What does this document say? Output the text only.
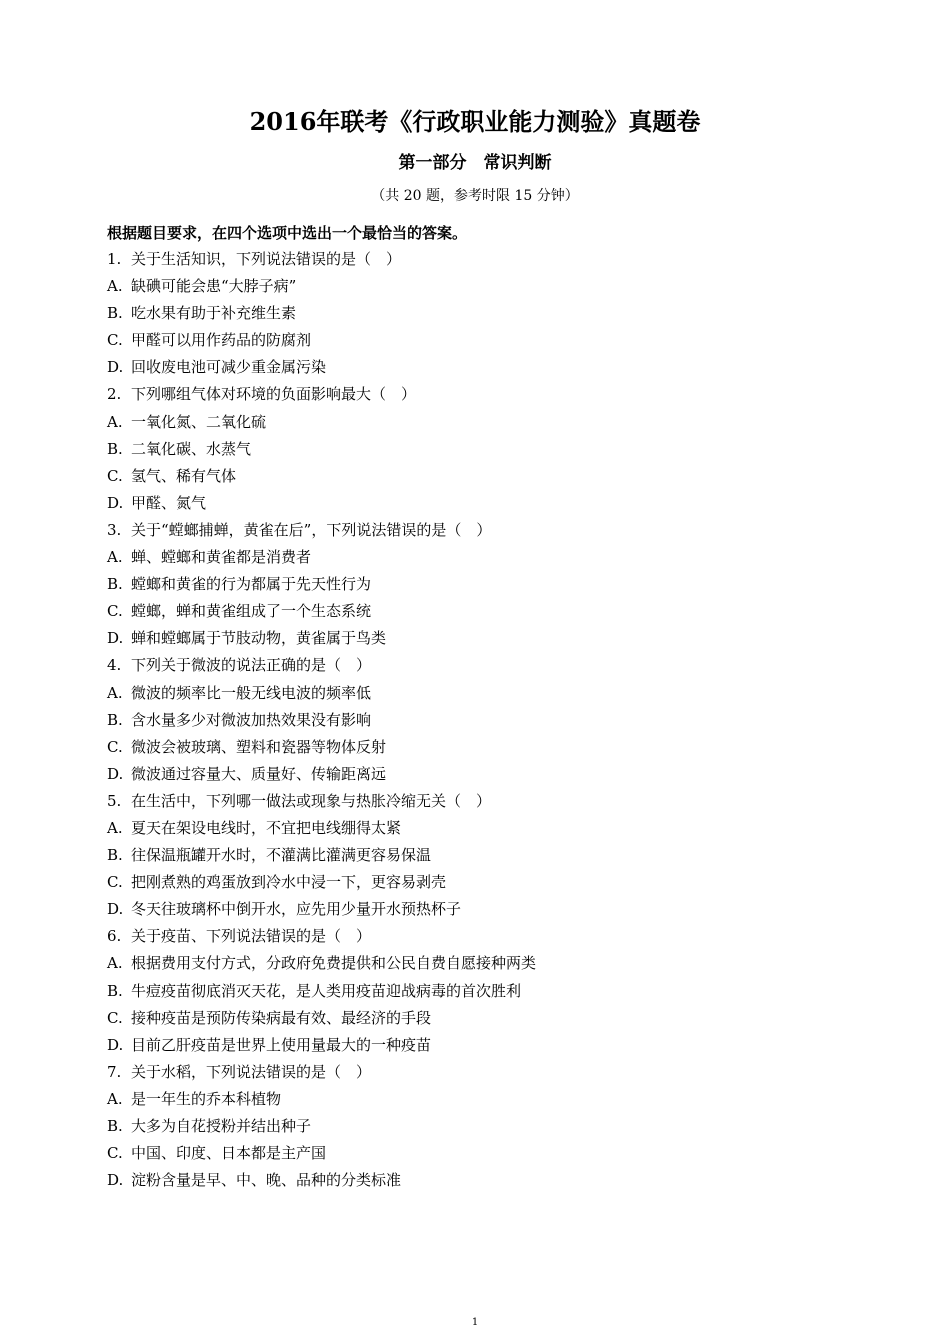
2016年联考《行政职业能力测验》真题卷
第一部分　常识判断
（共 20 题，参考时限 15 分钟）
根据题目要求，在四个选项中选出一个最恰当的答案。
1. 关于生活知识，下列说法错误的是（　）
A. 缺碘可能会患“大脖子病”
B. 吃水果有助于补充维生素
C. 甲醛可以用作药品的防腐剂
D. 回收废电池可减少重金属污染
2. 下列哪组气体对环境的负面影响最大（　）
A. 一氧化氮、二氧化硫
B. 二氧化碳、水蒸气
C. 氢气、稀有气体
D. 甲醛、氮气
3. 关于“螳螂捕蝉，黄雀在后”，下列说法错误的是（　）
A. 蝉、螳螂和黄雀都是消费者
B. 螳螂和黄雀的行为都属于先天性行为
C. 螳螂，蝉和黄雀组成了一个生态系统
D. 蝉和螳螂属于节肢动物，黄雀属于鸟类
4. 下列关于微波的说法正确的是（　）
A. 微波的频率比一般无线电波的频率低
B. 含水量多少对微波加热效果没有影响
C. 微波会被玻璃、塑料和瓷器等物体反射
D. 微波通过容量大、质量好、传输距离远
5. 在生活中，下列哪一做法或现象与热胀冷缩无关（　）
A. 夏天在架设电线时，不宜把电线绷得太紧
B. 往保温瓶罐开水时，不灌满比灌满更容易保温
C. 把刚煮熟的鸡蛋放到冷水中浸一下，更容易剥壳
D. 冬天往玻璃杯中倒开水，应先用少量开水预热杯子
6. 关于疫苗、下列说法错误的是（　）
A. 根据费用支付方式，分政府免费提供和公民自费自愿接种两类
B. 牛痘疫苗彻底消灭天花，是人类用疫苗迎战病毒的首次胜利
C. 接种疫苗是预防传染病最有效、最经济的手段
D. 目前乙肝疫苗是世界上使用量最大的一种疫苗
7. 关于水稻，下列说法错误的是（　）
A. 是一年生的乔本科植物
B. 大多为自花授粉并结出种子
C. 中国、印度、日本都是主产国
D. 淀粉含量是早、中、晚、品种的分类标准
1
